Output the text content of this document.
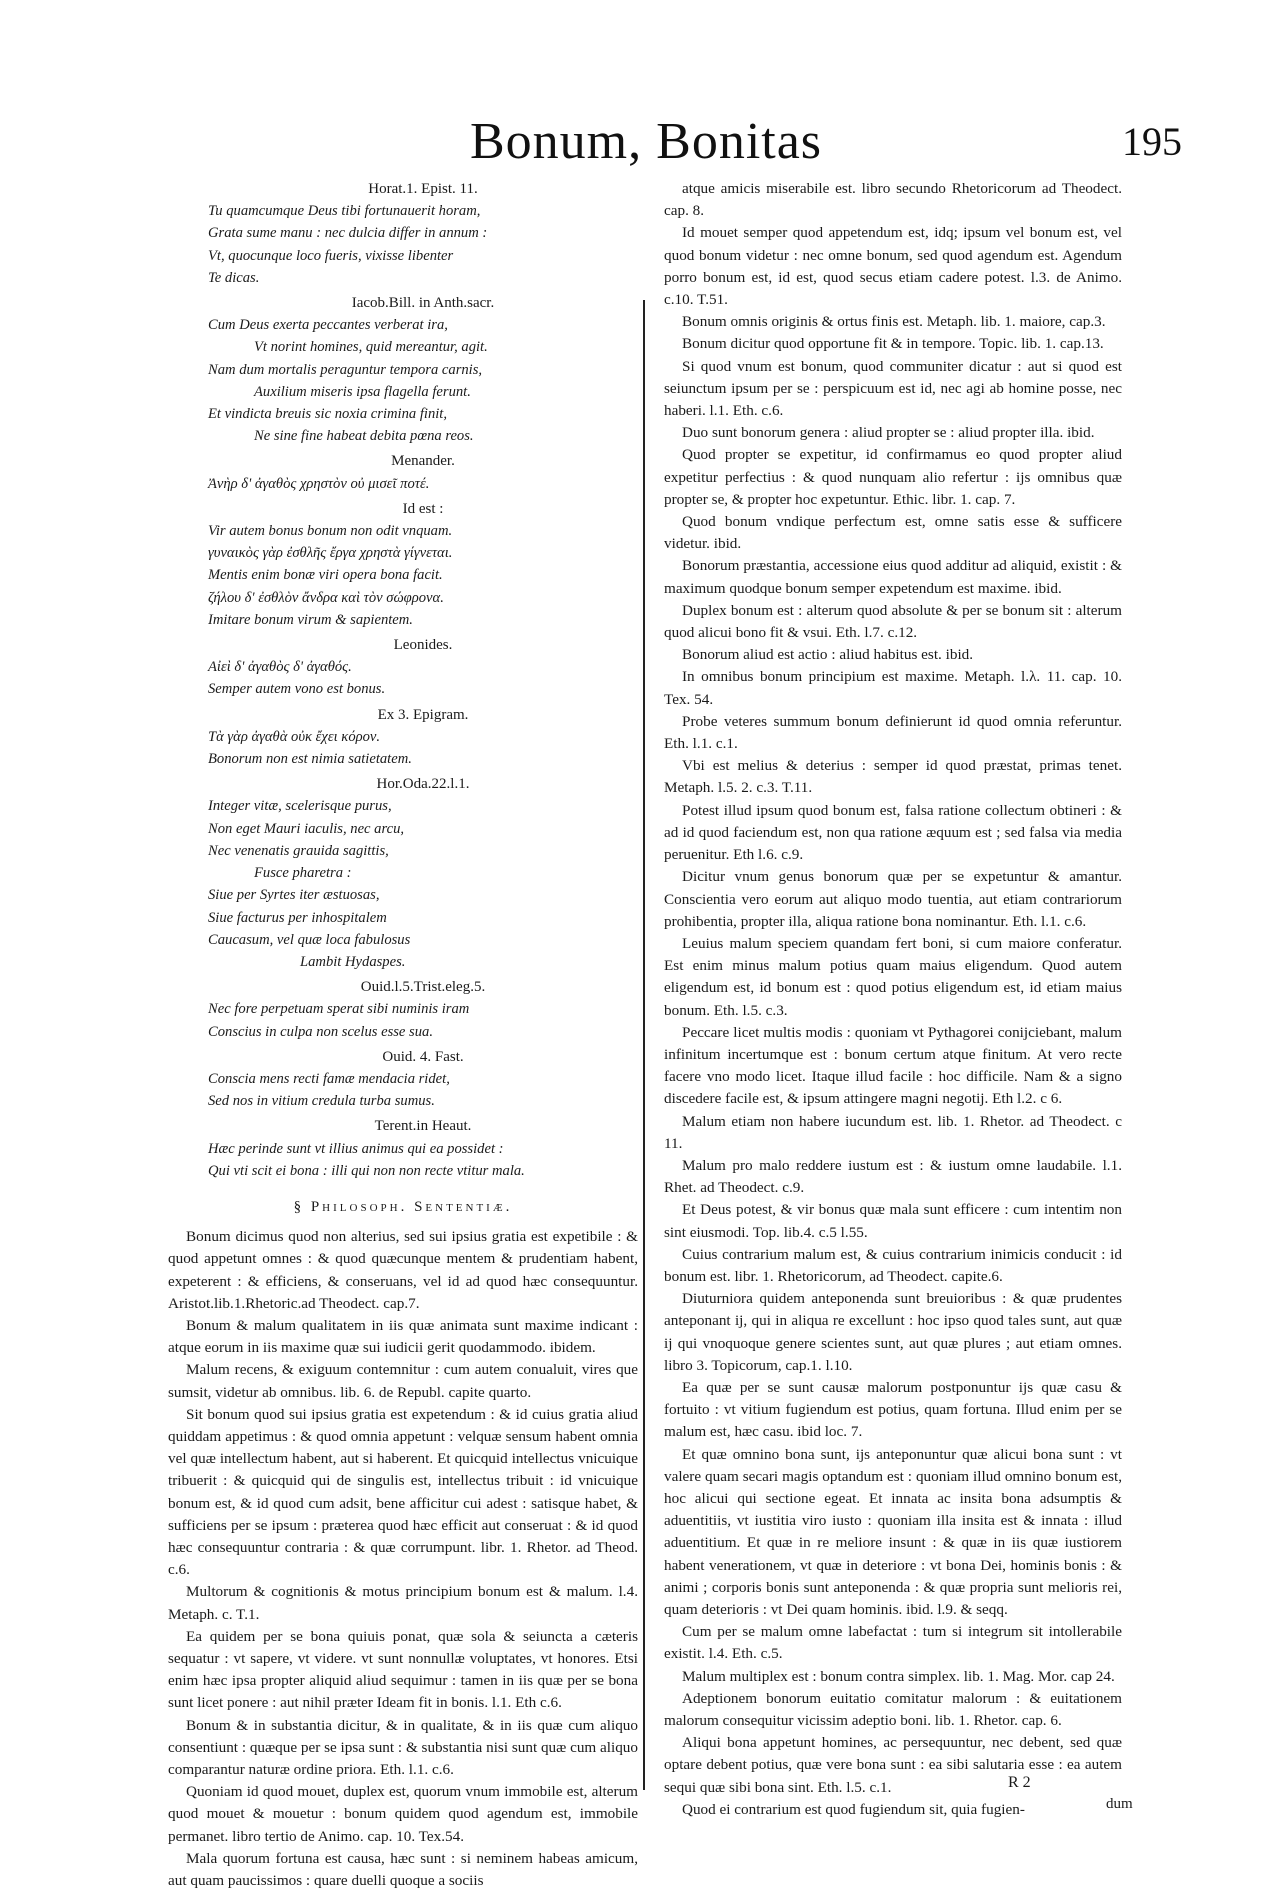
Bonum, Bonitas	195
Horat.1. Epist. 11.
Tu quamcumque Deus tibi fortunauerit horam,
Grata sume manu : nec dulcia differ in annum :
Vt, quocunque loco fueris, vixisse libenter
Te dicas.
Iacob.Bill. in Anth.sacr.
Cum Deus exerta peccantes verberat ira,
Vt norint homines, quid mereantur, agit.
Nam dum mortalis peraguntur tempora carnis,
Auxilium miseris ipsa flagella ferunt.
Et vindicta breuis sic noxia crimina finit,
Ne sine fine habeat debita pœna reos.
Menander.
Ἀνὴρ δ' ἀγαθὸς χρηστὸν οὐ μισεῖ ποτέ.
Id est :
Vir autem bonus bonum non odit vnquam.
γυναικὸς γὰρ ἐσθλῆς ἔργα χρηστὰ γίγνεται.
Mentis enim bonæ viri opera bona facit.
ζήλου δ' ἐσθλὸν ἄνδρα καὶ τὸν σώφρονα.
Imitare bonum virum & sapientem.
Leonides.
Αἰεὶ δ' ἀγαθὸς δ' ἀγαθός.
Semper autem vono est bonus.
Ex 3. Epigram.
Τὰ γὰρ ἀγαθὰ οὐκ ἔχει κόρον.
Bonorum non est nimia satietatem.
Hor.Oda.22.l.1.
Integer vitæ, scelerisque purus,
Non eget Mauri iaculis, nec arcu,
Nec venenatis grauida sagittis,
Fusce pharetra :
Siue per Syrtes iter æstuosas,
Siue facturus per inhospitalem
Caucasum, vel quæ loca fabulosus
Lambit Hydaspes.
Ouid.l.5.Trist.eleg.5.
Nec fore perpetuam sperat sibi numinis iram
Conscius in culpa non scelus esse sua.
Ouid. 4. Fast.
Conscia mens recti famæ mendacia ridet,
Sed nos in vitium credula turba sumus.
Terent.in Heaut.
Hæc perinde sunt vt illius animus qui ea possidet :
Qui vti scit ei bona : illi qui non non recte vtitur mala.
§ Philosoph. Sententiæ.

Bonum dicimus quod non alterius, sed sui ipsius gratia est expetibile : & quod appetunt omnes : & quod quæcunque mentem & prudentiam habent, expeterent : & efficiens, & conseruans, vel id ad quod hæc consequuntur. Aristot.lib.1.Rhetoric.ad Theodect. cap.7.

Bonum & malum qualitatem in iis quæ animata sunt maxime indicant : atque eorum in iis maxime quæ sui iudicii gerit quodammodo. ibidem.

Malum recens, & exiguum contemnitur : cum autem conualuit, vires que sumsit, videtur ab omnibus. lib. 6. de Republ. capite quarto.

Sit bonum quod sui ipsius gratia est expetendum : & id cuius gratia aliud quiddam appetimus : & quod omnia appetunt : velquæ sensum habent omnia vel quæ intellectum habent, aut si haberent. Et quicquid intellectus vnicuique tribuerit : & quicquid qui de singulis est, intellectus tribuit : id vnicuique bonum est, & id quod cum adsit, bene afficitur cui adest : satisque habet, & sufficiens per se ipsum : præterea quod hæc efficit aut conseruat : & id quod hæc consequuntur contraria : & quæ corrumpunt. libr. 1. Rhetor. ad Theod. c.6.

Multorum & cognitionis & motus principium bonum est & malum. l.4. Metaph. c. T.1.

Ea quidem per se bona quiuis ponat, quæ sola & seiuncta a cæteris sequatur : vt sapere, vt videre. vt sunt nonnullæ voluptates, vt honores. Etsi enim hæc ipsa propter aliquid aliud sequimur : tamen in iis quæ per se bona sunt licet ponere : aut nihil præter Ideam fit in bonis. l.1. Eth c.6.

Bonum & in substantia dicitur, & in qualitate, & in iis quæ cum aliquo consentiunt : quæque per se ipsa sunt : & substantia nisi sunt quæ cum aliquo comparantur naturæ ordine priora. Eth. l.1. c.6.

Quoniam id quod mouet, duplex est, quorum vnum immobile est, alterum quod mouet & mouetur : bonum quidem quod agendum est, immobile permanet. libro tertio de Animo. cap. 10. Tex.54.

Mala quorum fortuna est causa, hæc sunt : si neminem habeas amicum, aut quam paucissimos : quare duelli quoque a sociis

atque amicis miserabile est. libro secundo Rhetoricorum ad Theodect. cap. 8.

Id mouet semper quod appetendum est, idq; ipsum vel bonum est, vel quod bonum videtur : nec omne bonum, sed quod agendum est. Agendum porro bonum est, id est, quod secus etiam cadere potest. l.3. de Animo. c.10. T.51.

Bonum omnis originis & ortus finis est. Metaph. lib. 1. maiore, cap.3.

Bonum dicitur quod opportune fit & in tempore. Topic. lib. 1. cap.13.

Si quod vnum est bonum, quod communiter dicatur : aut si quod est seiunctum ipsum per se : perspicuum est id, nec agi ab homine posse, nec haberi. l.1. Eth. c.6.

Duo sunt bonorum genera : aliud propter se : aliud propter illa. ibid.

Quod propter se expetitur, id confirmamus eo quod propter aliud expetitur perfectius : & quod nunquam alio refertur : ijs omnibus quæ propter se, & propter hoc expetuntur. Ethic. libr. 1. cap. 7.

Quod bonum vndique perfectum est, omne satis esse & sufficere videtur. ibid.

Bonorum præstantia, accessione eius quod additur ad aliquid, existit : & maximum quodque bonum semper expetendum est maxime. ibid.

Duplex bonum est : alterum quod absolute & per se bonum sit : alterum quod alicui bono fit & vsui. Eth. l.7. c.12.

Bonorum aliud est actio : aliud habitus est. ibid.

In omnibus bonum principium est maxime. Metaph. l.λ. 11. cap. 10. Tex. 54.

Probe veteres summum bonum definierunt id quod omnia referuntur. Eth. l.1. c.1.

Vbi est melius & deterius : semper id quod præstat, primas tenet. Metaph. l.5. 2. c.3. T.11.

Potest illud ipsum quod bonum est, falsa ratione collectum obtineri : & ad id quod faciendum est, non qua ratione æquum est ; sed falsa via media peruenitur. Eth l.6. c.9.

Dicitur vnum genus bonorum quæ per se expetuntur & amantur. Conscientia vero eorum aut aliquo modo tuentia, aut etiam contrariorum prohibentia, propter illa, aliqua ratione bona nominantur. Eth. l.1. c.6.

Leuius malum speciem quandam fert boni, si cum maiore conferatur. Est enim minus malum potius quam maius eligendum. Quod autem eligendum est, id bonum est : quod potius eligendum est, id etiam maius bonum. Eth. l.5. c.3.

Peccare licet multis modis : quoniam vt Pythagorei conijciebant, malum infinitum incertumque est : bonum certum atque finitum. At vero recte facere vno modo licet. Itaque illud facile : hoc difficile. Nam & a signo discedere facile est, & ipsum attingere magni negotij. Eth l.2. c 6.

Malum etiam non habere iucundum est. lib. 1. Rhetor. ad Theodect. c 11.

Malum pro malo reddere iustum est : & iustum omne laudabile. l.1. Rhet. ad Theodect. c.9.

Et Deus potest, & vir bonus quæ mala sunt efficere : cum intentim non sint eiusmodi. Top. lib.4. c.5 l.55.

Cuius contrarium malum est, & cuius contrarium inimicis conducit : id bonum est. libr. 1. Rhetoricorum, ad Theodect. capite.6.

Diuturniora quidem anteponenda sunt breuioribus : & quæ prudentes anteponant ij, qui in aliqua re excellunt : hoc ipso quod tales sunt, aut quæ ij qui vnoquoque genere scientes sunt, aut quæ plures ; aut etiam omnes. libro 3. Topicorum, cap.1. l.10.

Ea quæ per se sunt causæ malorum postponuntur ijs quæ casu & fortuito : vt vitium fugiendum est potius, quam fortuna. Illud enim per se malum est, hæc casu. ibid loc. 7.

Et quæ omnino bona sunt, ijs anteponuntur quæ alicui bona sunt : vt valere quam secari magis optandum est : quoniam illud omnino bonum est, hoc alicui qui sectione egeat. Et innata ac insita bona adsumptis & aduentitiis, vt iustitia viro iusto : quoniam illa insita est & innata : illud aduentitium. Et quæ in re meliore insunt : & quæ in iis quæ iustiorem habent venerationem, vt quæ in deteriore : vt bona Dei, hominis bonis : & animi ; corporis bonis sunt anteponenda : & quæ propria sunt melioris rei, quam deterioris : vt Dei quam hominis. ibid. l.9. & seqq.

Cum per se malum omne labefactat : tum si integrum sit intollerabile existit. l.4. Eth. c.5.

Malum multiplex est : bonum contra simplex. lib. 1. Mag. Mor. cap 24.

Adeptionem bonorum euitatio comitatur malorum : & euitationem malorum consequitur vicissim adeptio boni. lib. 1. Rhetor. cap. 6.

Aliqui bona appetunt homines, ac persequuntur, nec debent, sed quæ optare debent potius, quæ vere bona sunt : ea sibi salutaria esse : ea autem sequi quæ sibi bona sint. Eth. l.5. c.1.

Quod ei contrarium est quod fugiendum sit, quia fugien-

R 2
dum
